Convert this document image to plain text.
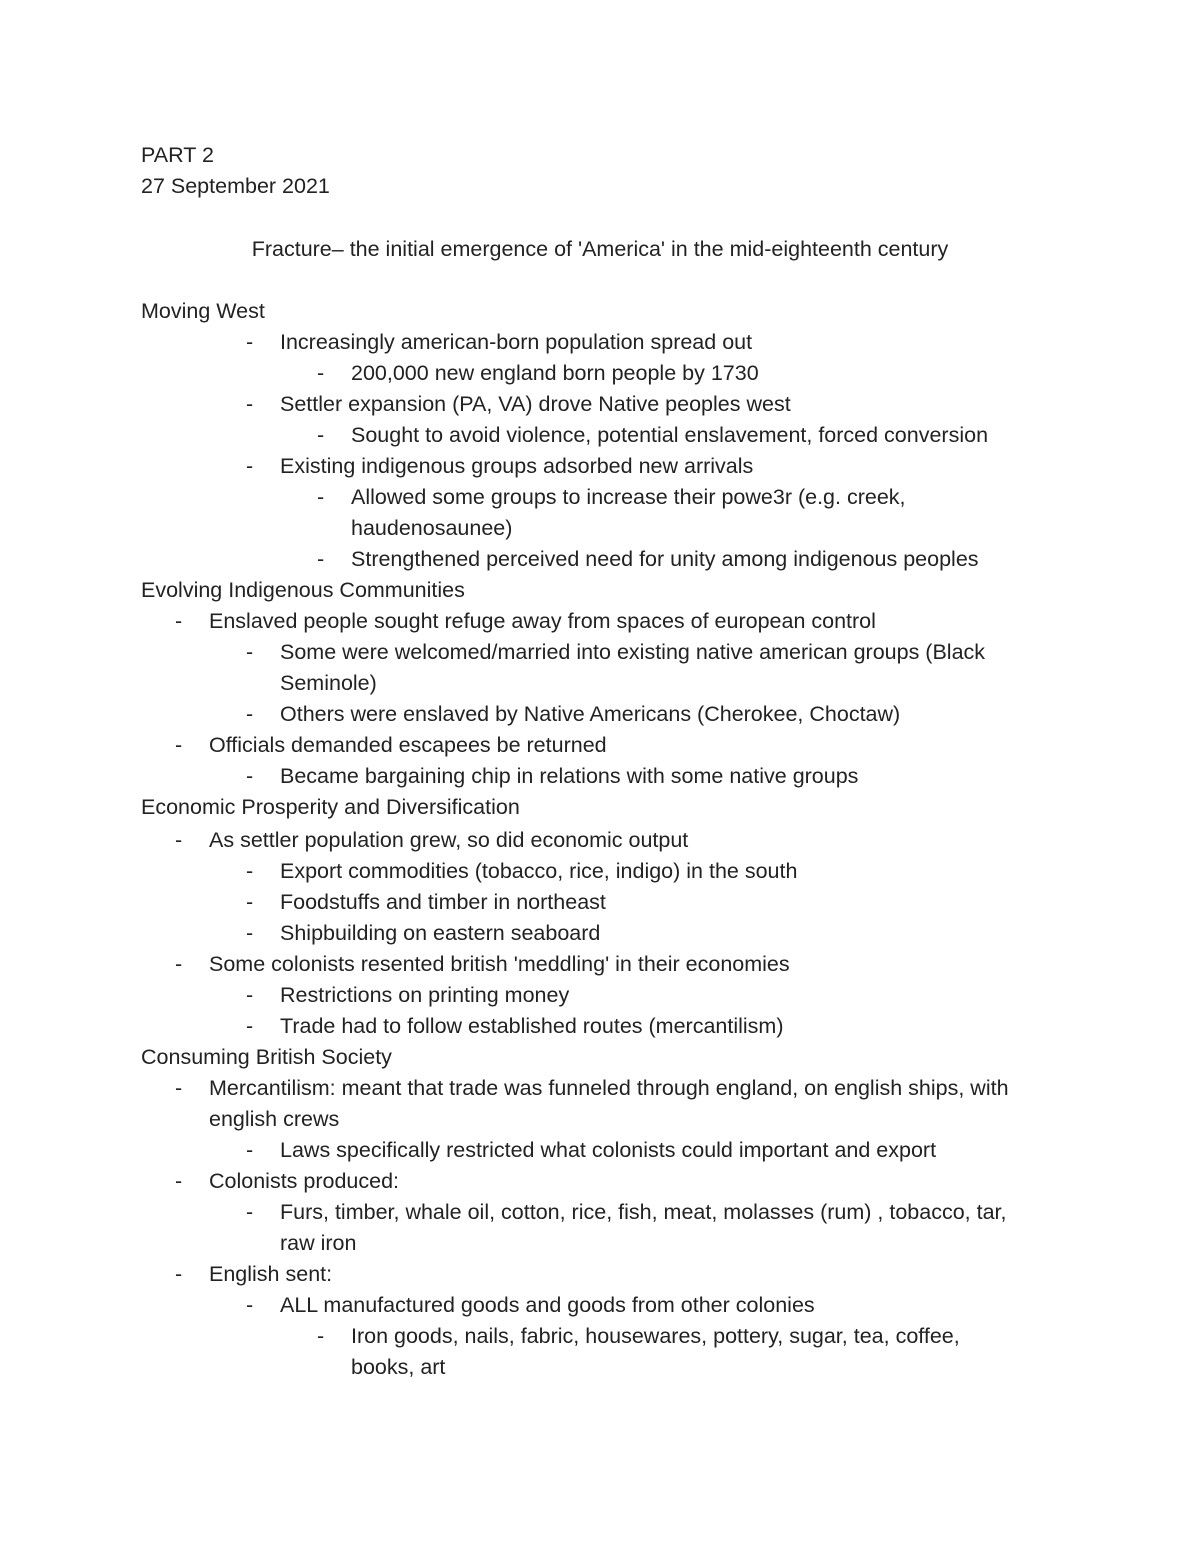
PART 2
27 September 2021
Fracture– the initial emergence of 'America' in the mid-eighteenth century
Moving West
-	Increasingly american-born population spread out
-	200,000 new england born people by 1730
-	Settler expansion (PA, VA) drove Native peoples west
-	Sought to avoid violence, potential enslavement, forced conversion
-	Existing indigenous groups adsorbed new arrivals
-	Allowed some groups to increase their powe3r (e.g. creek, haudenosaunee)
-	Strengthened perceived need for unity among indigenous peoples
Evolving Indigenous Communities
-	Enslaved people sought refuge away from spaces of european control
-	Some were welcomed/married into existing native american groups (Black Seminole)
-	Others were enslaved by Native Americans (Cherokee, Choctaw)
-	Officials demanded escapees be returned
-	Became bargaining chip in relations with some native groups
Economic Prosperity and Diversification
-	As settler population grew, so did economic output
-	Export commodities (tobacco, rice, indigo) in the south
-	Foodstuffs and timber in northeast
-	Shipbuilding on eastern seaboard
-	Some colonists resented british 'meddling' in their economies
-	Restrictions on printing money
-	Trade had to follow established routes (mercantilism)
Consuming British Society
-	Mercantilism: meant that trade was funneled through england, on english ships, with english crews
-	Laws specifically restricted what colonists could important and export
-	Colonists produced:
-	Furs, timber, whale oil, cotton, rice, fish, meat, molasses (rum) , tobacco, tar, raw iron
-	English sent:
-	ALL manufactured goods and goods from other colonies
-	Iron goods, nails, fabric, housewares, pottery, sugar, tea, coffee, books, art
